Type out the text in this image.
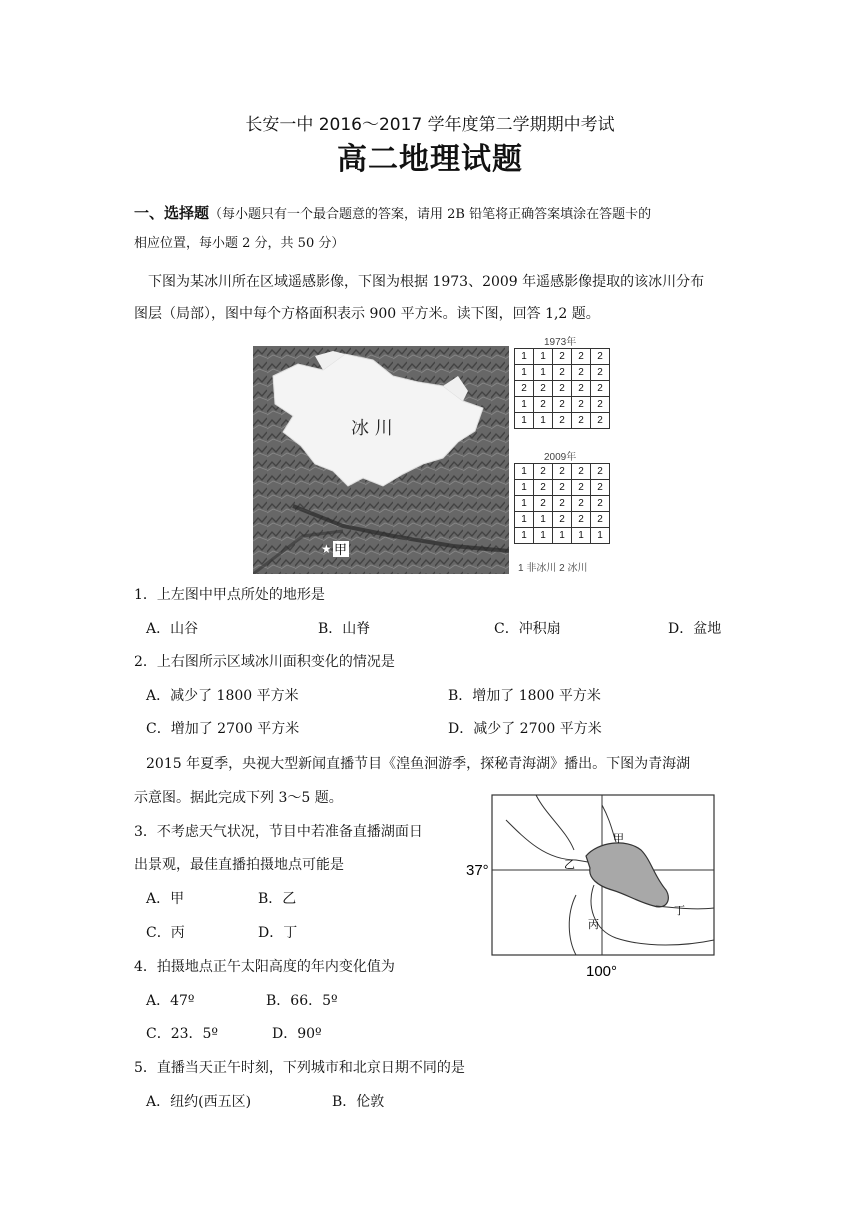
长安一中 2016～2017 学年度第二学期期中考试
高二地理试题
一、选择题（每小题只有一个最合题意的答案，请用 2B 铅笔将正确答案填涂在答题卡的
相应位置，每小题 2 分，共 50 分）
下图为某冰川所在区域遥感影像，下图为根据 1973、2009 年遥感影像提取的该冰川分布
图层（局部），图中每个方格面积表示 900 平方米。读下图，回答 1,2 题。
冰 川
★ 甲
1973年
1	1	2	2	2
1	1	2	2	2
2	2	2	2	2
1	2	2	2	2
1	1	2	2	2
2009年
1	2	2	2	2
1	2	2	2	2
1	2	2	2	2
1	1	2	2	2
1	1	1	1	1
1 非冰川 2 冰川
1．上左图中甲点所处的地形是
A．山谷	B．山脊	C．冲积扇	D．盆地
2．上右图所示区域冰川面积变化的情况是
A．减少了 1800 平方米	B．增加了 1800 平方米
C．增加了 2700 平方米	D．减少了 2700 平方米
2015 年夏季，央视大型新闻直播节目《湟鱼洄游季，探秘青海湖》播出。下图为青海湖
示意图。据此完成下列 3～5 题。
甲
乙
丙
丁
37°
100°
3．不考虑天气状况，节目中若准备直播湖面日
出景观，最佳直播拍摄地点可能是
A．甲	B．乙
C．丙	D．丁
4．拍摄地点正午太阳高度的年内变化值为
A．47º	B．66．5º
C．23．5º	D．90º
5．直播当天正午时刻，下列城市和北京日期不同的是
A．纽约(西五区)	B．伦敦
